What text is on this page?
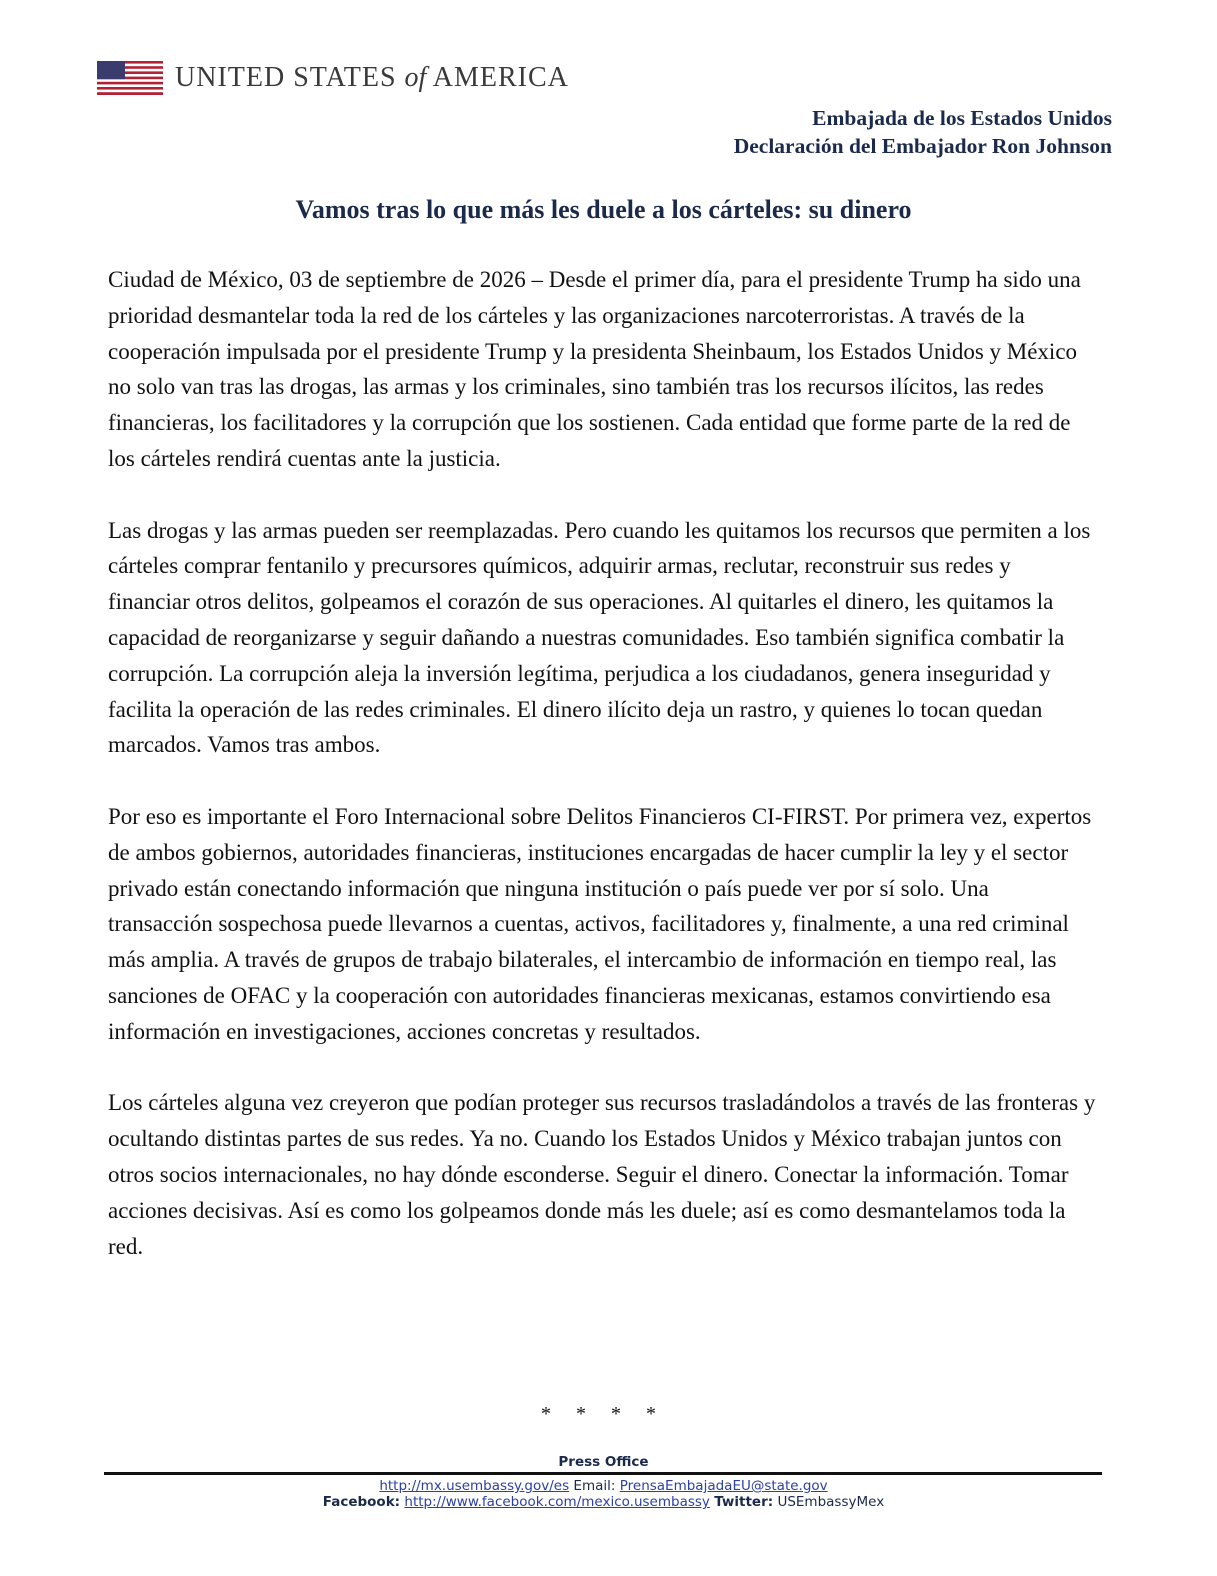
UNITED STATES of AMERICA
Embajada de los Estados Unidos
Declaración del Embajador Ron Johnson
Vamos tras lo que más les duele a los cárteles: su dinero

Ciudad de México, 03 de septiembre de 2026 – Desde el primer día, para el presidente Trump ha sido una prioridad desmantelar toda la red de los cárteles y las organizaciones narcoterroristas. A través de la cooperación impulsada por el presidente Trump y la presidenta Sheinbaum, los Estados Unidos y México no solo van tras las drogas, las armas y los criminales, sino también tras los recursos ilícitos, las redes financieras, los facilitadores y la corrupción que los sostienen. Cada entidad que forme parte de la red de los cárteles rendirá cuentas ante la justicia.

Las drogas y las armas pueden ser reemplazadas. Pero cuando les quitamos los recursos que permiten a los cárteles comprar fentanilo y precursores químicos, adquirir armas, reclutar, reconstruir sus redes y financiar otros delitos, golpeamos el corazón de sus operaciones. Al quitarles el dinero, les quitamos la capacidad de reorganizarse y seguir dañando a nuestras comunidades. Eso también significa combatir la corrupción. La corrupción aleja la inversión legítima, perjudica a los ciudadanos, genera inseguridad y facilita la operación de las redes criminales. El dinero ilícito deja un rastro, y quienes lo tocan quedan marcados. Vamos tras ambos.

Por eso es importante el Foro Internacional sobre Delitos Financieros CI-FIRST. Por primera vez, expertos de ambos gobiernos, autoridades financieras, instituciones encargadas de hacer cumplir la ley y el sector privado están conectando información que ninguna institución o país puede ver por sí solo. Una transacción sospechosa puede llevarnos a cuentas, activos, facilitadores y, finalmente, a una red criminal más amplia. A través de grupos de trabajo bilaterales, el intercambio de información en tiempo real, las sanciones de OFAC y la cooperación con autoridades financieras mexicanas, estamos convirtiendo esa información en investigaciones, acciones concretas y resultados.

Los cárteles alguna vez creyeron que podían proteger sus recursos trasladándolos a través de las fronteras y ocultando distintas partes de sus redes. Ya no. Cuando los Estados Unidos y México trabajan juntos con otros socios internacionales, no hay dónde esconderse. Seguir el dinero. Conectar la información. Tomar acciones decisivas. Así es como los golpeamos donde más les duele; así es como desmantelamos toda la red.

* * * *
Press Office
http://mx.usembassy.gov/es Email: PrensaEmbajadaEU@state.gov
Facebook: http://www.facebook.com/mexico.usembassy Twitter: USEmbassyMex
